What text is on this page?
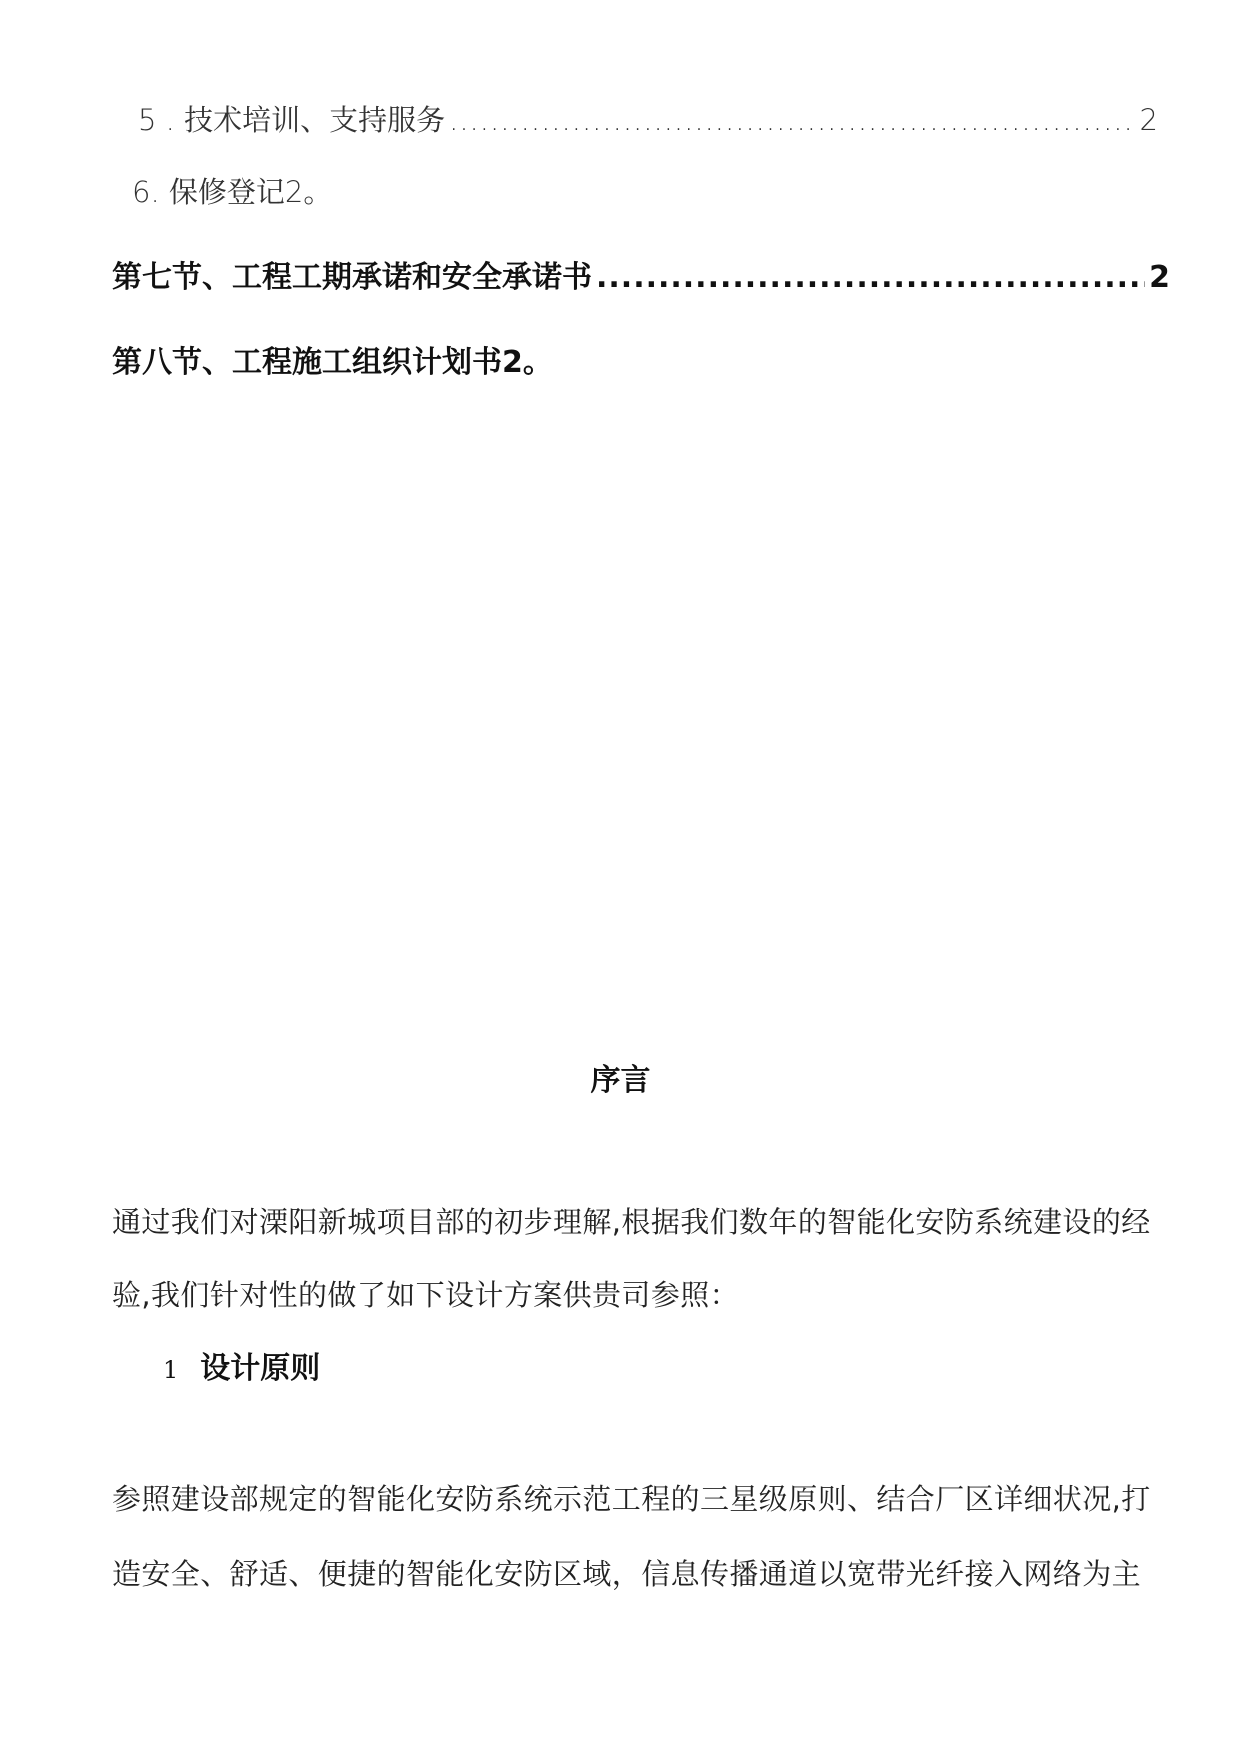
5 . 技术培训、支持服务 .....	2
6. 保修登记2。
第七节、工程工期承诺和安全承诺书 .....	2
第八节、工程施工组织计划书2。
序言
通过我们对溧阳新城项目部的初步理解,根据我们数年的智能化安防系统建设的经
验,我们针对性的做了如下设计方案供贵司参照：
1 设计原则
参照建设部规定的智能化安防系统示范工程的三星级原则、结合厂区详细状况,打
造安全、舒适、便捷的智能化安防区域，信息传播通道以宽带光纤接入网络为主
